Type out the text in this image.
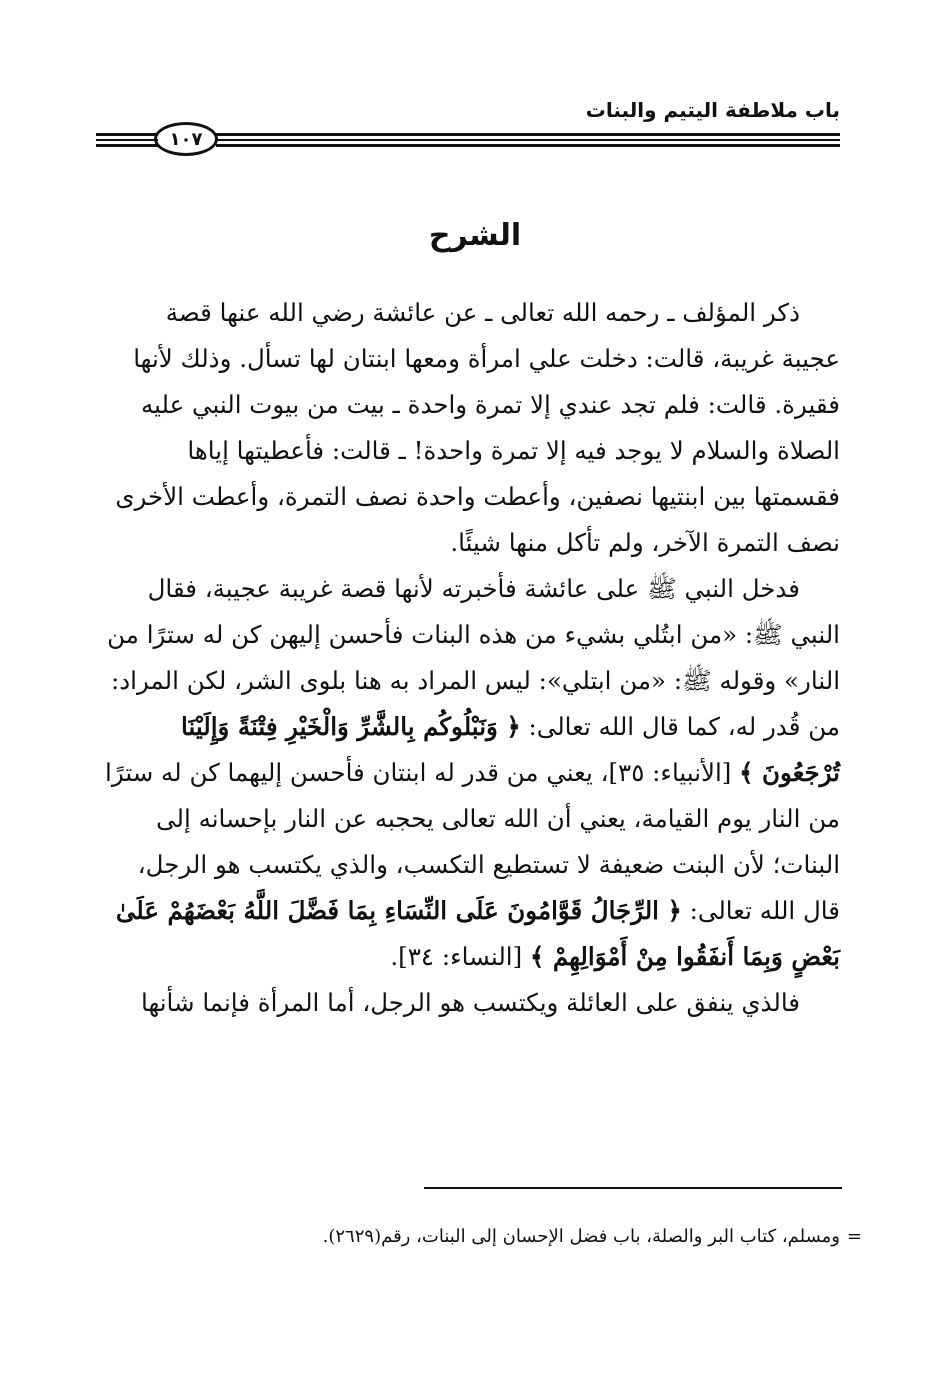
باب ملاطفة اليتيم والبنات
١٠٧
الشرح

ذكر المؤلف ـ رحمه الله تعالى ـ عن عائشة رضي الله عنها قصة عجيبة غريبة، قالت: دخلت علي امرأة ومعها ابنتان لها تسأل. وذلك لأنها فقيرة. قالت: فلم تجد عندي إلا تمرة واحدة ـ بيت من بيوت النبي عليه الصلاة والسلام لا يوجد فيه إلا تمرة واحدة! ـ قالت: فأعطيتها إياها فقسمتها بين ابنتيها نصفين، وأعطت واحدة نصف التمرة، وأعطت الأخرى نصف التمرة الآخر، ولم تأكل منها شيئًا.

فدخل النبي ﷺ على عائشة فأخبرته لأنها قصة غريبة عجيبة، فقال النبي ﷺ: «من ابتُلي بشيء من هذه البنات فأحسن إليهن كن له سترًا من النار» وقوله ﷺ: «من ابتلي»: ليس المراد به هنا بلوى الشر، لكن المراد: من قُدر له، كما قال الله تعالى: ﴿ وَنَبْلُوكُم بِالشَّرِّ وَالْخَيْرِ فِتْنَةً وَإِلَيْنَا تُرْجَعُونَ ﴾ [الأنبياء: ٣٥]، يعني من قدر له ابنتان فأحسن إليهما كن له سترًا من النار يوم القيامة، يعني أن الله تعالى يحجبه عن النار بإحسانه إلى البنات؛ لأن البنت ضعيفة لا تستطيع التكسب، والذي يكتسب هو الرجل، قال الله تعالى: ﴿ الرِّجَالُ قَوَّامُونَ عَلَى النِّسَاءِ بِمَا فَضَّلَ اللَّهُ بَعْضَهُمْ عَلَىٰ بَعْضٍ وَبِمَا أَنفَقُوا مِنْ أَمْوَالِهِمْ ﴾ [النساء: ٣٤].

فالذي ينفق على العائلة ويكتسب هو الرجل، أما المرأة فإنما شأنها

=
ومسلم، كتاب البر والصلة، باب فضل الإحسان إلى البنات، رقم(٢٦٢٩).
